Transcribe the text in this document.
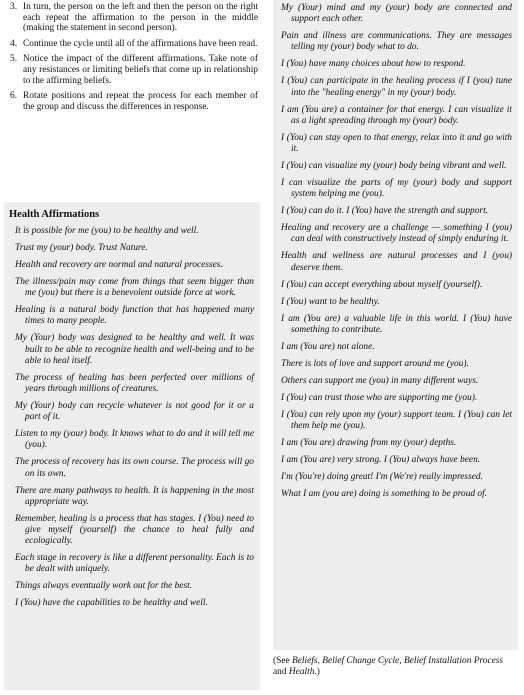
3. In turn, the person on the left and then the person on the right each repeat the affirmation to the person in the middle (making the statement in second person).
4. Continue the cycle until all of the affirmations have been read.
5. Notice the impact of the different affirmations. Take note of any resistances or limiting beliefs that come up in relationship to the affirming beliefs.
6. Rotate positions and repeat the process for each member of the group and discuss the differences in response.
Health Affirmations
It is possible for me (you) to be healthy and well.
Trust my (your) body. Trust Nature.
Health and recovery are normal and natural processes.
The illness/pain may come from things that seem bigger than me (you) but there is a benevolent outside force at work.
Healing is a natural body function that has happened many times to many people.
My (Your) body was designed to be healthy and well. It was built to be able to recognize health and well-being and to be able to heal itself.
The process of healing has been perfected over millions of years through millions of creatures.
My (Your) body can recycle whatever is not good for it or a part of it.
Listen to my (your) body. It knows what to do and it will tell me (you).
The process of recovery has its own course. The process will go on its own.
There are many pathways to health. It is happening in the most appropriate way.
Remember, healing is a process that has stages. I (You) need to give myself (yourself) the chance to heal fully and ecologically.
Each stage in recovery is like a different personality. Each is to be dealt with uniquely.
Things always eventually work out for the best.
I (You) have the capabilities to be healthy and well.
My (Your) mind and my (your) body are connected and support each other.
Pain and illness are communications. They are messages telling my (your) body what to do.
I (You) have many choices about how to respond.
I (You) can participate in the healing process if I (you) tune into the "healing energy" in my (your) body.
I am (You are) a container for that energy. I can visualize it as a light spreading through my (your) body.
I (You) can stay open to that energy, relax into it and go with it.
I (You) can visualize my (your) body being vibrant and well.
I can visualize the parts of my (your) body and support system helping me (you).
I (You) can do it. I (You) have the strength and support.
Healing and recovery are a challenge — something I (you) can deal with constructively instead of simply enduring it.
Health and wellness are natural processes and I (you) deserve them.
I (You) can accept everything about myself (yourself).
I (You) want to be healthy.
I am (You are) a valuable life in this world. I (You) have something to contribute.
I am (You are) not alone.
There is lots of love and support around me (you).
Others can support me (you) in many different ways.
I (You) can trust those who are supporting me (you).
I (You) can rely upon my (your) support team. I (You) can let them help me (you).
I am (You are) drawing from my (your) depths.
I am (You are) very strong. I (You) always have been.
I'm (You're) doing great! I'm (We're) really impressed.
What I am (you are) doing is something to be proud of.
(See Beliefs, Belief Change Cycle, Belief Installation Process and Health.)
